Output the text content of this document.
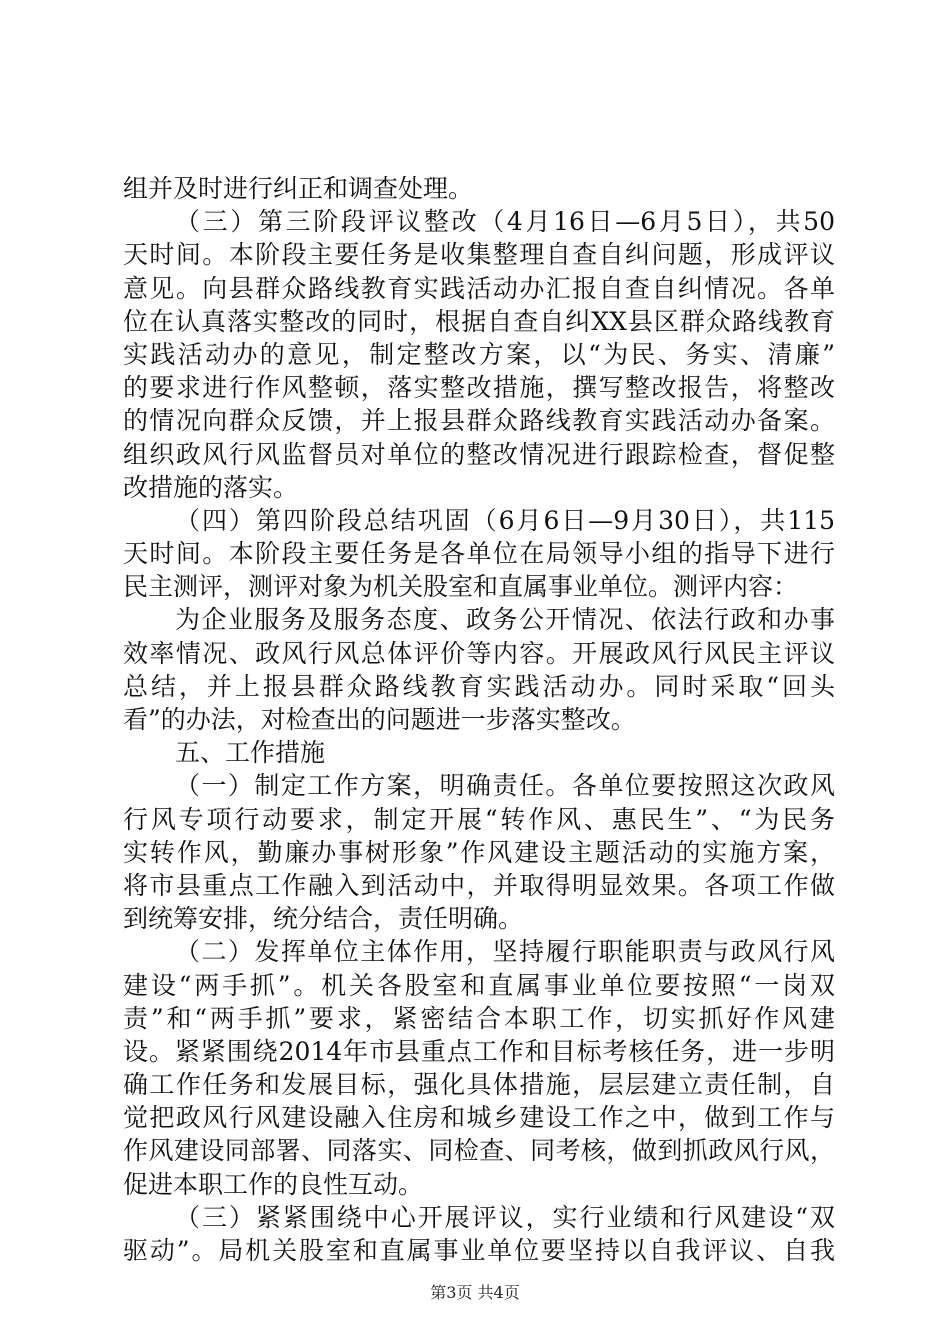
组并及时进行纠正和调查处理。
（三）第三阶段评议整改（4月16日—6月5日），共50
天时间。本阶段主要任务是收集整理自查自纠问题，形成评议
意见。向县群众路线教育实践活动办汇报自查自纠情况。各单
位在认真落实整改的同时，根据自查自纠XX县区群众路线教育
实践活动办的意见，制定整改方案，以“为民、务实、清廉”
的要求进行作风整顿，落实整改措施，撰写整改报告，将整改
的情况向群众反馈，并上报县群众路线教育实践活动办备案。
组织政风行风监督员对单位的整改情况进行跟踪检查，督促整
改措施的落实。
（四）第四阶段总结巩固（6月6日—9月30日），共115
天时间。本阶段主要任务是各单位在局领导小组的指导下进行
民主测评，测评对象为机关股室和直属事业单位。测评内容：
为企业服务及服务态度、政务公开情况、依法行政和办事
效率情况、政风行风总体评价等内容。开展政风行风民主评议
总结，并上报县群众路线教育实践活动办。同时采取“回头
看”的办法，对检查出的问题进一步落实整改。
五、工作措施
（一）制定工作方案，明确责任。各单位要按照这次政风
行风专项行动要求，制定开展“转作风、惠民生”、“为民务
实转作风，勤廉办事树形象”作风建设主题活动的实施方案，
将市县重点工作融入到活动中，并取得明显效果。各项工作做
到统筹安排，统分结合，责任明确。
（二）发挥单位主体作用，坚持履行职能职责与政风行风
建设“两手抓”。机关各股室和直属事业单位要按照“一岗双
责”和“两手抓”要求，紧密结合本职工作，切实抓好作风建
设。紧紧围绕2014年市县重点工作和目标考核任务，进一步明
确工作任务和发展目标，强化具体措施，层层建立责任制，自
觉把政风行风建设融入住房和城乡建设工作之中，做到工作与
作风建设同部署、同落实、同检查、同考核，做到抓政风行风，
促进本职工作的良性互动。
（三）紧紧围绕中心开展评议，实行业绩和行风建设“双
驱动”。局机关股室和直属事业单位要坚持以自我评议、自我
第3页 共4页
